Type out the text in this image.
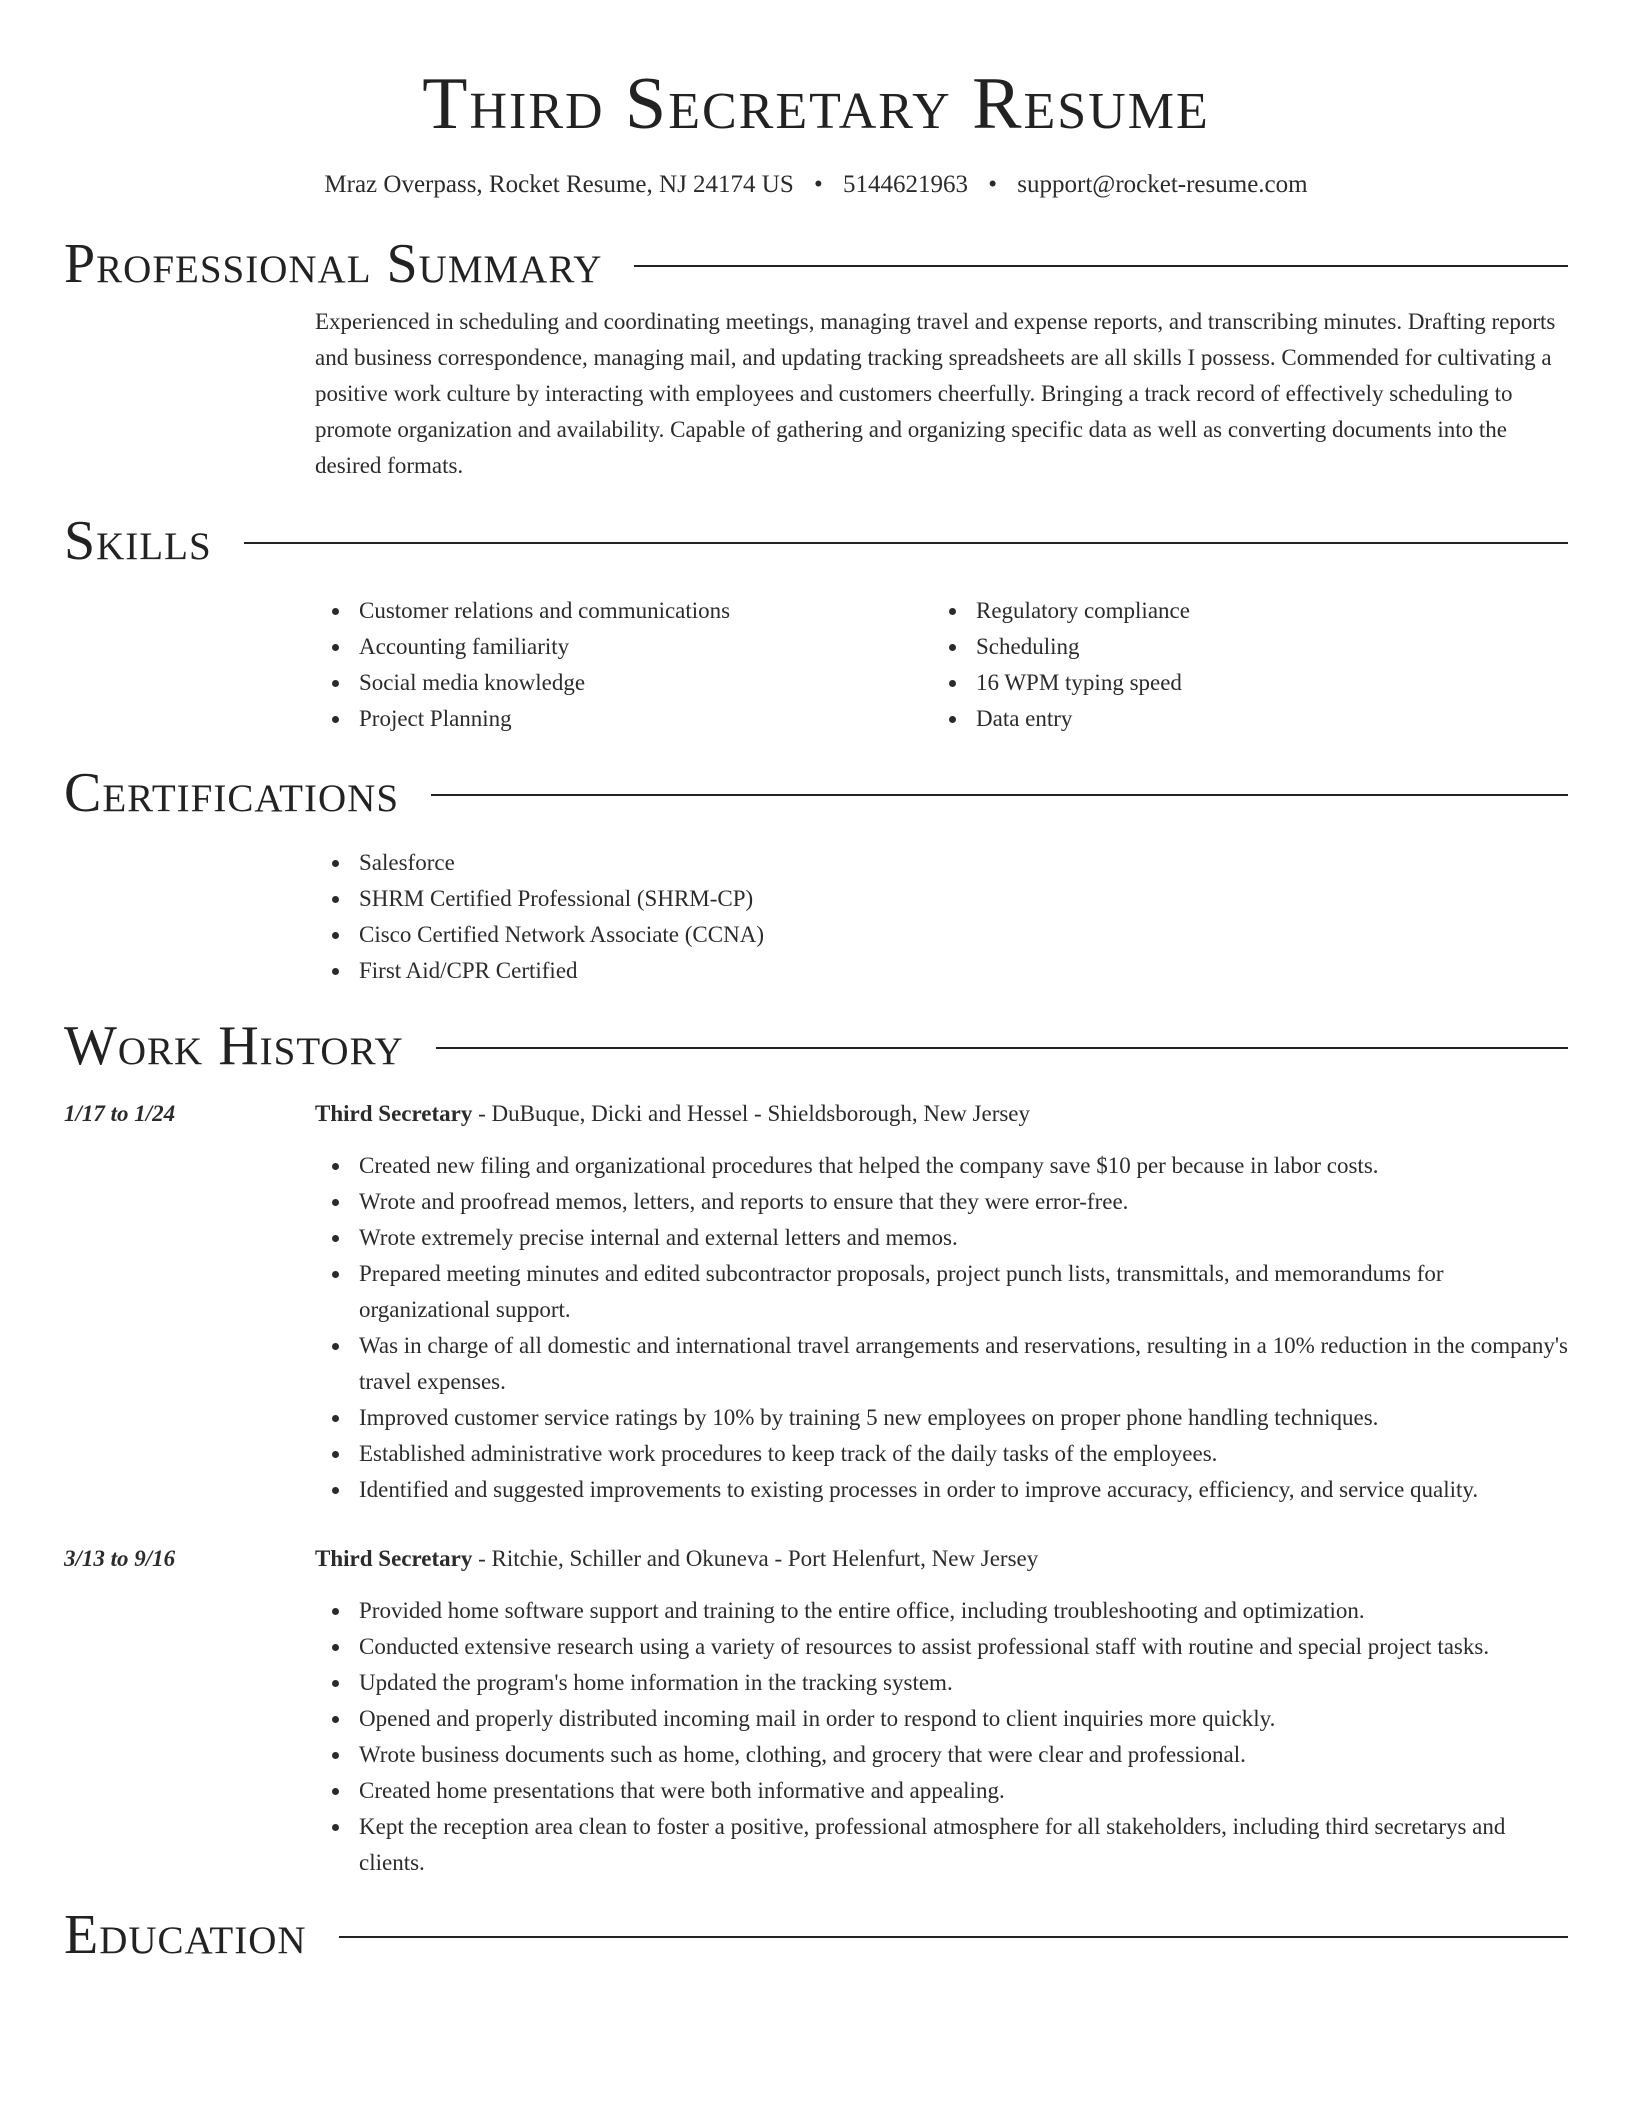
Third Secretary Resume
Mraz Overpass, Rocket Resume, NJ 24174 US • 5144621963 • support@rocket-resume.com
Professional Summary
Experienced in scheduling and coordinating meetings, managing travel and expense reports, and transcribing minutes. Drafting reports and business correspondence, managing mail, and updating tracking spreadsheets are all skills I possess. Commended for cultivating a positive work culture by interacting with employees and customers cheerfully. Bringing a track record of effectively scheduling to promote organization and availability. Capable of gathering and organizing specific data as well as converting documents into the desired formats.
Skills
Customer relations and communications
Accounting familiarity
Social media knowledge
Project Planning
Regulatory compliance
Scheduling
16 WPM typing speed
Data entry
Certifications
Salesforce
SHRM Certified Professional (SHRM-CP)
Cisco Certified Network Associate (CCNA)
First Aid/CPR Certified
Work History
1/17 to 1/24	Third Secretary - DuBuque, Dicki and Hessel - Shieldsborough, New Jersey
Created new filing and organizational procedures that helped the company save $10 per because in labor costs.
Wrote and proofread memos, letters, and reports to ensure that they were error-free.
Wrote extremely precise internal and external letters and memos.
Prepared meeting minutes and edited subcontractor proposals, project punch lists, transmittals, and memorandums for organizational support.
Was in charge of all domestic and international travel arrangements and reservations, resulting in a 10% reduction in the company's travel expenses.
Improved customer service ratings by 10% by training 5 new employees on proper phone handling techniques.
Established administrative work procedures to keep track of the daily tasks of the employees.
Identified and suggested improvements to existing processes in order to improve accuracy, efficiency, and service quality.
3/13 to 9/16	Third Secretary - Ritchie, Schiller and Okuneva - Port Helenfurt, New Jersey
Provided home software support and training to the entire office, including troubleshooting and optimization.
Conducted extensive research using a variety of resources to assist professional staff with routine and special project tasks.
Updated the program's home information in the tracking system.
Opened and properly distributed incoming mail in order to respond to client inquiries more quickly.
Wrote business documents such as home, clothing, and grocery that were clear and professional.
Created home presentations that were both informative and appealing.
Kept the reception area clean to foster a positive, professional atmosphere for all stakeholders, including third secretarys and clients.
Education
